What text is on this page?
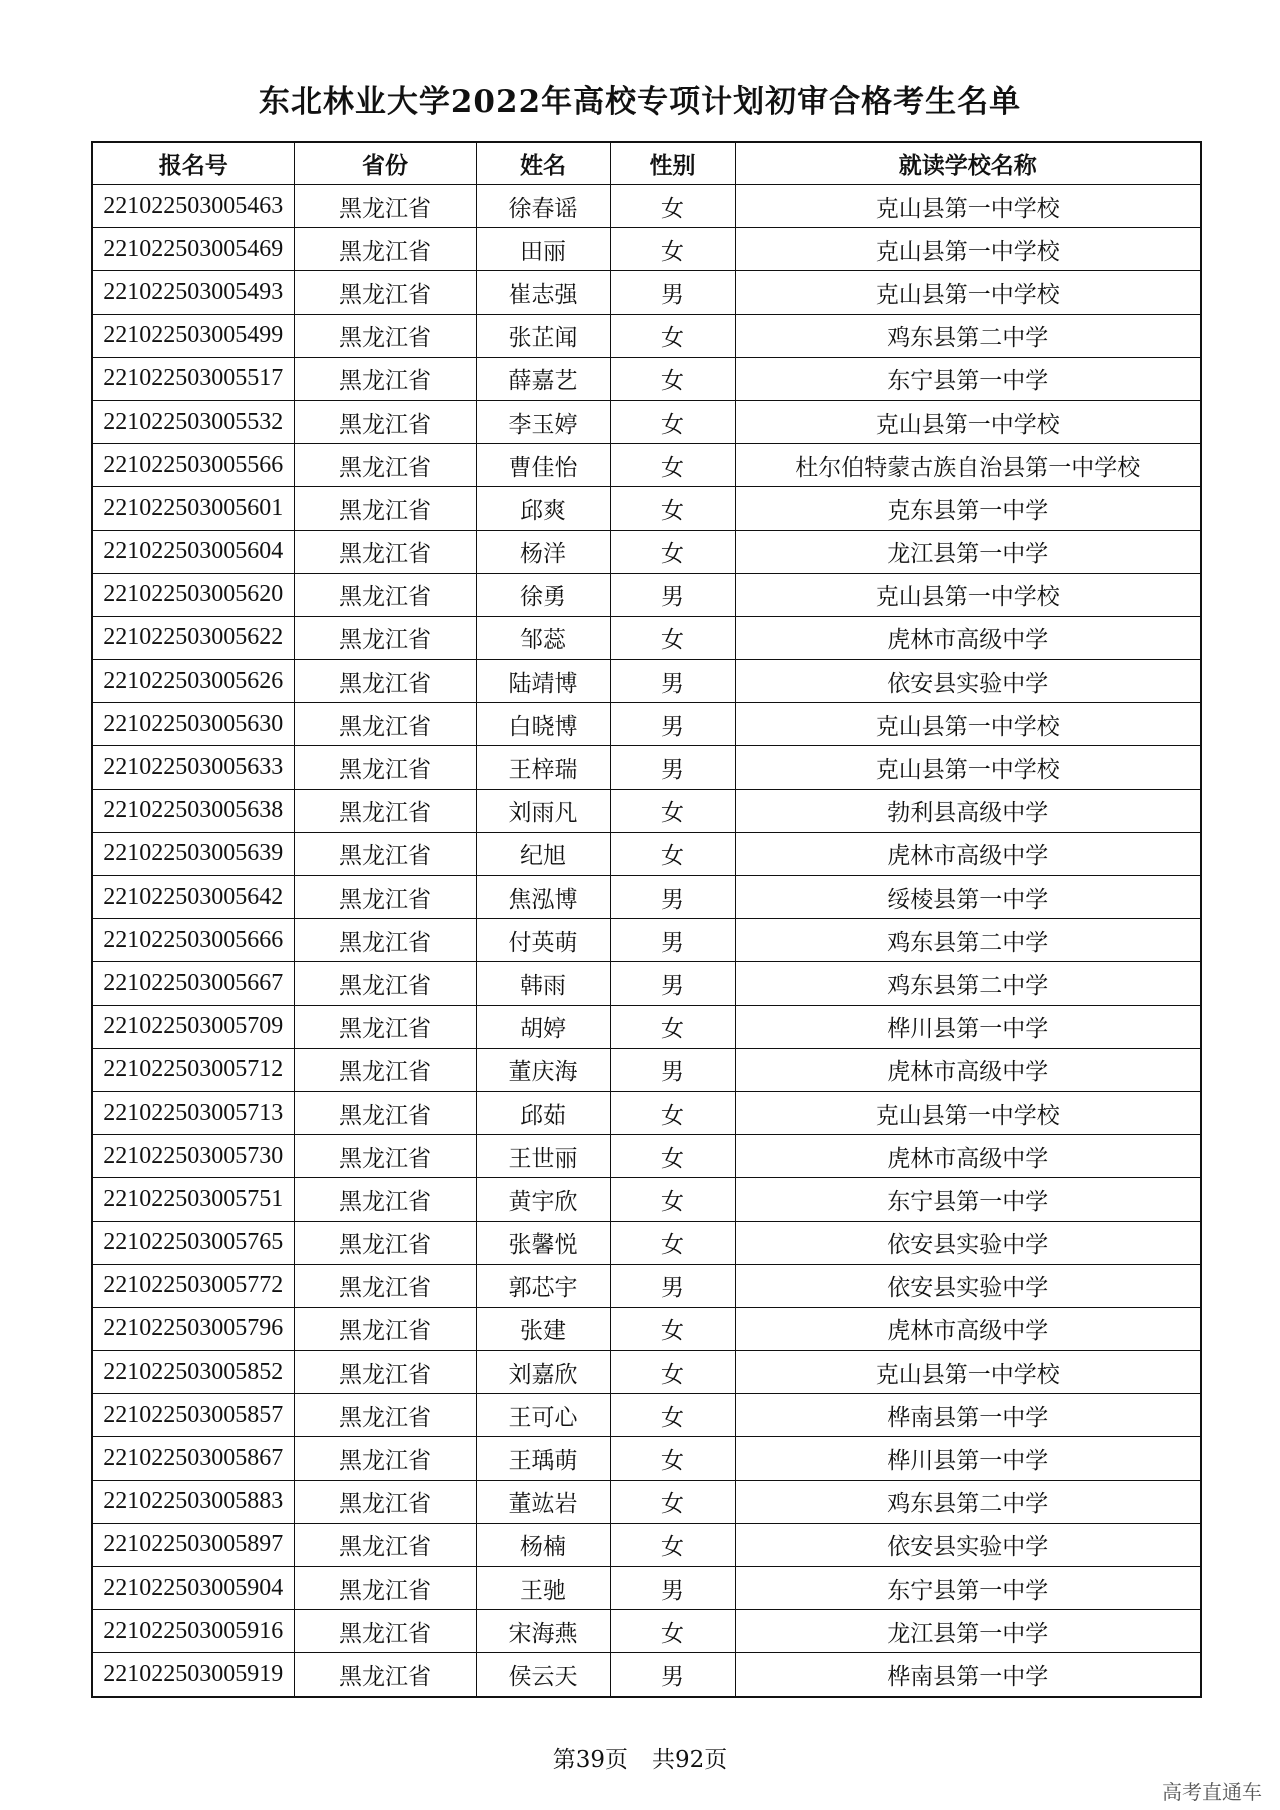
东北林业大学2022年高校专项计划初审合格考生名单
报名号	省份	姓名	性别	就读学校名称
221022503005463	黑龙江省	徐春谣	女	克山县第一中学校
221022503005469	黑龙江省	田丽	女	克山县第一中学校
221022503005493	黑龙江省	崔志强	男	克山县第一中学校
221022503005499	黑龙江省	张芷闻	女	鸡东县第二中学
221022503005517	黑龙江省	薛嘉艺	女	东宁县第一中学
221022503005532	黑龙江省	李玉婷	女	克山县第一中学校
221022503005566	黑龙江省	曹佳怡	女	杜尔伯特蒙古族自治县第一中学校
221022503005601	黑龙江省	邱爽	女	克东县第一中学
221022503005604	黑龙江省	杨洋	女	龙江县第一中学
221022503005620	黑龙江省	徐勇	男	克山县第一中学校
221022503005622	黑龙江省	邹蕊	女	虎林市高级中学
221022503005626	黑龙江省	陆靖博	男	依安县实验中学
221022503005630	黑龙江省	白晓博	男	克山县第一中学校
221022503005633	黑龙江省	王梓瑞	男	克山县第一中学校
221022503005638	黑龙江省	刘雨凡	女	勃利县高级中学
221022503005639	黑龙江省	纪旭	女	虎林市高级中学
221022503005642	黑龙江省	焦泓博	男	绥棱县第一中学
221022503005666	黑龙江省	付英萌	男	鸡东县第二中学
221022503005667	黑龙江省	韩雨	男	鸡东县第二中学
221022503005709	黑龙江省	胡婷	女	桦川县第一中学
221022503005712	黑龙江省	董庆海	男	虎林市高级中学
221022503005713	黑龙江省	邱茹	女	克山县第一中学校
221022503005730	黑龙江省	王世丽	女	虎林市高级中学
221022503005751	黑龙江省	黄宇欣	女	东宁县第一中学
221022503005765	黑龙江省	张馨悦	女	依安县实验中学
221022503005772	黑龙江省	郭芯宇	男	依安县实验中学
221022503005796	黑龙江省	张建	女	虎林市高级中学
221022503005852	黑龙江省	刘嘉欣	女	克山县第一中学校
221022503005857	黑龙江省	王可心	女	桦南县第一中学
221022503005867	黑龙江省	王瑀萌	女	桦川县第一中学
221022503005883	黑龙江省	董竑岩	女	鸡东县第二中学
221022503005897	黑龙江省	杨楠	女	依安县实验中学
221022503005904	黑龙江省	王驰	男	东宁县第一中学
221022503005916	黑龙江省	宋海燕	女	龙江县第一中学
221022503005919	黑龙江省	侯云天	男	桦南县第一中学
第39页 共92页
高考直通车
